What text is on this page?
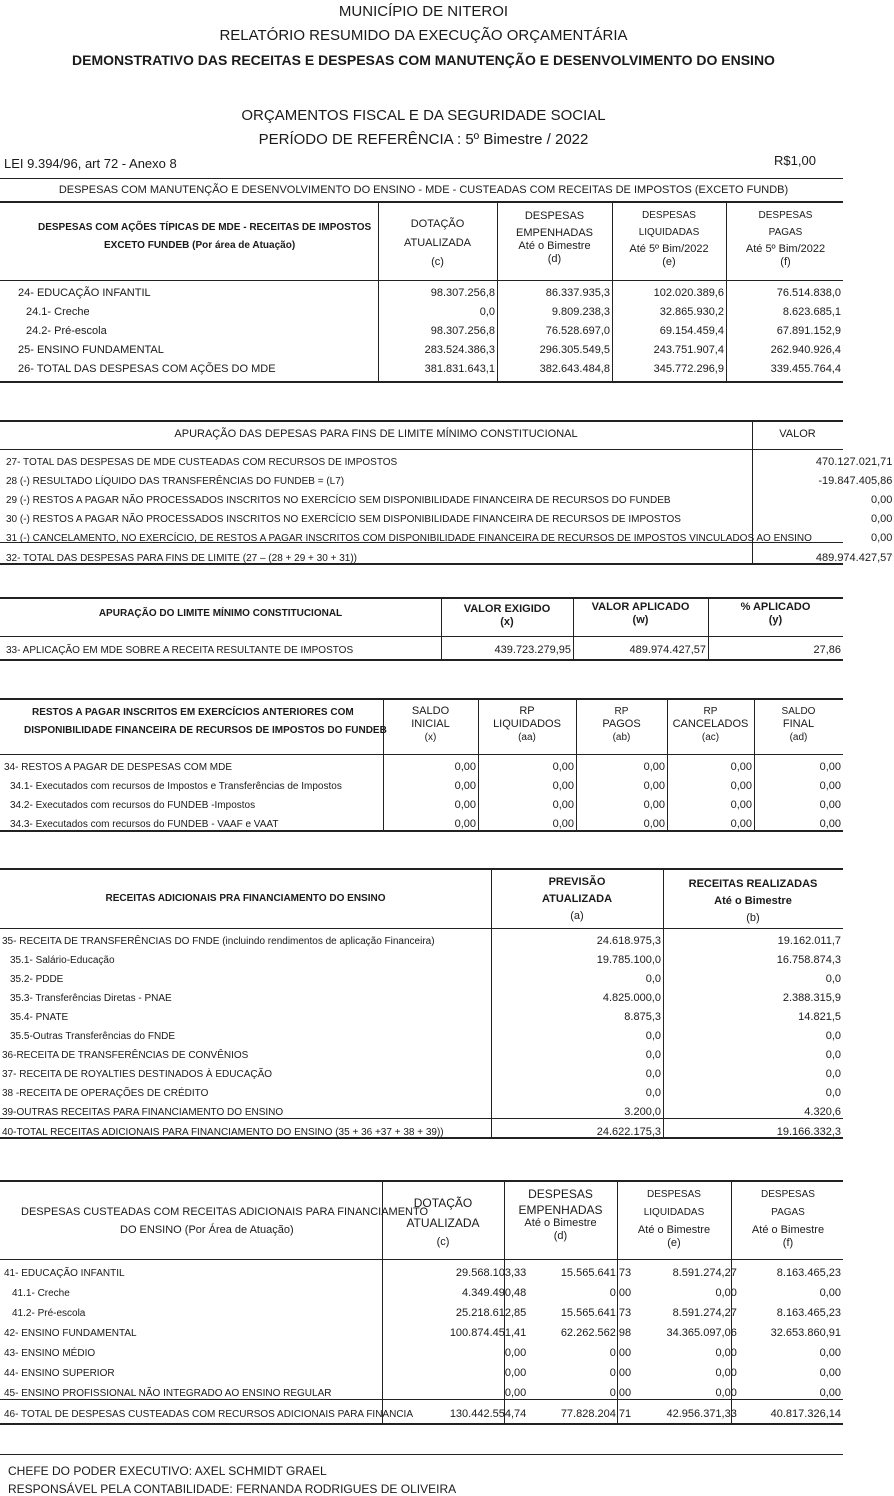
MUNICÍPIO DE NITEROI
RELATÓRIO RESUMIDO DA EXECUÇÃO ORÇAMENTÁRIA
DEMONSTRATIVO DAS RECEITAS E DESPESAS COM MANUTENÇÃO E DESENVOLVIMENTO DO ENSINO
ORÇAMENTOS FISCAL E DA SEGURIDADE SOCIAL
PERÍODO DE REFERÊNCIA : 5º Bimestre / 2022
LEI 9.394/96, art 72 - Anexo 8	R$1,00
DESPESAS COM MANUTENÇÃO E DESENVOLVIMENTO DO ENSINO - MDE - CUSTEADAS COM RECEITAS DE IMPOSTOS (EXCETO FUNDB)
DESPESAS COM AÇÕES TÍPICAS DE MDE - RECEITAS DE IMPOSTOS
EXCETO FUNDEB (Por área de Atuação)
DOTAÇÃO
ATUALIZADA
(c)
DESPESAS
EMPENHADAS
Até o Bimestre
(d)
DESPESAS
LIQUIDADAS
Até 5º Bim/2022
(e)
DESPESAS
PAGAS
Até 5º Bim/2022
(f)
24- EDUCAÇÃO INFANTIL	98.307.256,8	86.337.935,3	102.020.389,6	76.514.838,0
24.1- Creche	0,0	9.809.238,3	32.865.930,2	8.623.685,1
24.2- Pré-escola	98.307.256,8	76.528.697,0	69.154.459,4	67.891.152,9
25- ENSINO FUNDAMENTAL	283.524.386,3	296.305.549,5	243.751.907,4	262.940.926,4
26- TOTAL DAS DESPESAS COM AÇÕES DO MDE	381.831.643,1	382.643.484,8	345.772.296,9	339.455.764,4
APURAÇÃO DAS DEPESAS PARA FINS DE LIMITE MÍNIMO CONSTITUCIONAL	VALOR
27- TOTAL DAS DESPESAS DE MDE CUSTEADAS COM RECURSOS DE IMPOSTOS	470.127.021,71
28 (-) RESULTADO LÍQUIDO DAS TRANSFERÊNCIAS DO FUNDEB = (L7)	-19.847.405,86
29 (-) RESTOS A PAGAR NÃO PROCESSADOS INSCRITOS NO EXERCÍCIO SEM DISPONIBILIDADE FINANCEIRA DE RECURSOS DO FUNDEB	0,00
30 (-) RESTOS A PAGAR NÃO PROCESSADOS INSCRITOS NO EXERCÍCIO SEM DISPONIBILIDADE FINANCEIRA DE RECURSOS DE IMPOSTOS	0,00
31 (-) CANCELAMENTO, NO EXERCÍCIO, DE RESTOS A PAGAR INSCRITOS COM DISPONIBILIDADE FINANCEIRA DE RECURSOS DE IMPOSTOS VINCULADOS AO ENSINO	0,00
32- TOTAL DAS DESPESAS PARA FINS DE LIMITE (27 – (28 + 29 + 30 + 31))	489.974.427,57
APURAÇÃO DO LIMITE MÍNIMO CONSTITUCIONAL	VALOR EXIGIDO
(x)
VALOR APLICADO
(w)
% APLICADO
(y)
33- APLICAÇÃO EM MDE SOBRE A RECEITA RESULTANTE DE IMPOSTOS	439.723.279,95	489.974.427,57	27,86
RESTOS A PAGAR INSCRITOS EM EXERCÍCIOS ANTERIORES COM
DISPONIBILIDADE FINANCEIRA DE RECURSOS DE IMPOSTOS DO FUNDEB
SALDO
INICIAL
(x)
RP
LIQUIDADOS
(aa)
RP
PAGOS
(ab)
RP
CANCELADOS
(ac)
SALDO
FINAL
(ad)
34- RESTOS A PAGAR DE DESPESAS COM MDE	0,00	0,00	0,00	0,00	0,00
34.1- Executados com recursos de Impostos e Transferências de Impostos	0,00	0,00	0,00	0,00	0,00
34.2- Executados com recursos do FUNDEB -Impostos	0,00	0,00	0,00	0,00	0,00
34.3- Executados com recursos do FUNDEB - VAAF e VAAT	0,00	0,00	0,00	0,00	0,00
RECEITAS ADICIONAIS PRA FINANCIAMENTO DO ENSINO
PREVISÃO
ATUALIZADA
(a)
RECEITAS REALIZADAS
Até o Bimestre
(b)
35- RECEITA DE TRANSFERÊNCIAS DO FNDE (incluindo rendimentos de aplicação Financeira)	24.618.975,3	19.162.011,7
35.1- Salário-Educação	19.785.100,0	16.758.874,3
35.2- PDDE	0,0	0,0
35.3- Transferências Diretas - PNAE	4.825.000,0	2.388.315,9
35.4- PNATE	8.875,3	14.821,5
35.5-Outras Transferências do FNDE	0,0	0,0
36-RECEITA DE TRANSFERÊNCIAS DE CONVÊNIOS	0,0	0,0
37- RECEITA DE ROYALTIES DESTINADOS À EDUCAÇÃO	0,0	0,0
38 -RECEITA DE OPERAÇÕES DE CRÉDITO	0,0	0,0
39-OUTRAS RECEITAS PARA FINANCIAMENTO DO ENSINO	3.200,0	4.320,6
40-TOTAL RECEITAS ADICIONAIS PARA FINANCIAMENTO DO ENSINO (35 + 36 +37 + 38 + 39))	24.622.175,3	19.166.332,3
DESPESAS CUSTEADAS COM RECEITAS ADICIONAIS PARA FINANCIAMENTO
DO ENSINO (Por Área de Atuação)
DOTAÇÃO
ATUALIZADA
(c)
DESPESAS
EMPENHADAS
Até o Bimestre
(d)
DESPESAS
LIQUIDADAS
Até o Bimestre
(e)
DESPESAS
PAGAS
Até o Bimestre
(f)
41- EDUCAÇÃO INFANTIL	29.568.103,33	15.565.641,73	8.591.274,27	8.163.465,23
41.1- Creche	4.349.490,48	0,00	0,00	0,00
41.2- Pré-escola	25.218.612,85	15.565.641,73	8.591.274,27	8.163.465,23
42- ENSINO FUNDAMENTAL	100.874.451,41	62.262.562,98	34.365.097,06	32.653.860,91
43- ENSINO MÉDIO	0,00	0,00	0,00	0,00
44- ENSINO SUPERIOR	0,00	0,00	0,00	0,00
45- ENSINO PROFISSIONAL NÃO INTEGRADO AO ENSINO REGULAR	0,00	0,00	0,00	0,00
46- TOTAL DE DESPESAS CUSTEADAS COM RECURSOS ADICIONAIS PARA FINANCIA	130.442.554,74	77.828.204,71	42.956.371,33	40.817.326,14
CHEFE DO PODER EXECUTIVO: AXEL SCHMIDT GRAEL
RESPONSÁVEL PELA CONTABILIDADE: FERNANDA RODRIGUES DE OLIVEIRA
